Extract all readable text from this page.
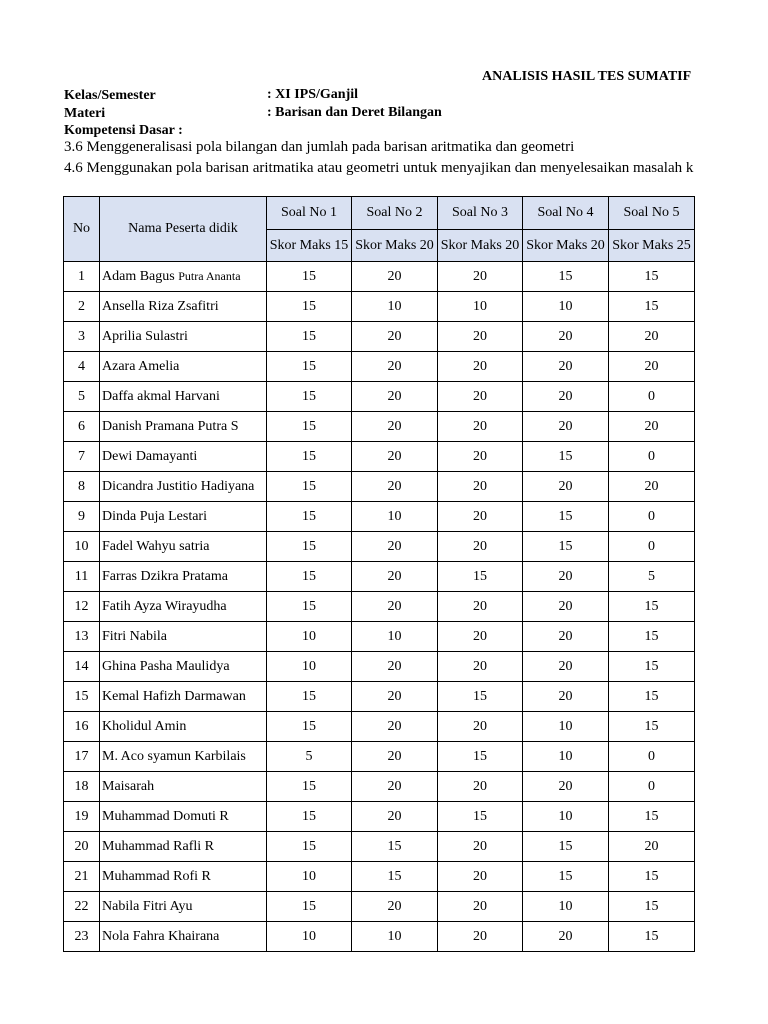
ANALISIS HASIL TES SUMATIF
Kelas/Semester	: XI IPS/Ganjil
Materi	: Barisan dan Deret Bilangan
Kompetensi Dasar :
3.6 Menggeneralisasi pola bilangan dan jumlah pada barisan aritmatika dan geometri
4.6 Menggunakan pola barisan aritmatika atau geometri untuk menyajikan dan menyelesaikan masalah k
No	Nama Peserta didik	Soal No 1	Soal No 2	Soal No 3	Soal No 4	Soal No 5
		Skor Maks 15	Skor Maks 20	Skor Maks 20	Skor Maks 20	Skor Maks 25
1	Adam Bagus Putra Ananta	15	20	20	15	15
2	Ansella Riza Zsafitri	15	10	10	10	15
3	Aprilia Sulastri	15	20	20	20	20
4	Azara Amelia	15	20	20	20	20
5	Daffa akmal Harvani	15	20	20	20	0
6	Danish Pramana Putra S	15	20	20	20	20
7	Dewi Damayanti	15	20	20	15	0
8	Dicandra Justitio Hadiyana	15	20	20	20	20
9	Dinda Puja Lestari	15	10	20	15	0
10	Fadel Wahyu satria	15	20	20	15	0
11	Farras Dzikra Pratama	15	20	15	20	5
12	Fatih Ayza Wirayudha	15	20	20	20	15
13	Fitri Nabila	10	10	20	20	15
14	Ghina Pasha Maulidya	10	20	20	20	15
15	Kemal Hafizh Darmawan	15	20	15	20	15
16	Kholidul Amin	15	20	20	10	15
17	M. Aco syamun Karbilais	5	20	15	10	0
18	Maisarah	15	20	20	20	0
19	Muhammad Domuti R	15	20	15	10	15
20	Muhammad Rafli R	15	15	20	15	20
21	Muhammad Rofi R	10	15	20	15	15
22	Nabila Fitri Ayu	15	20	20	10	15
23	Nola Fahra Khairana	10	10	20	20	15
